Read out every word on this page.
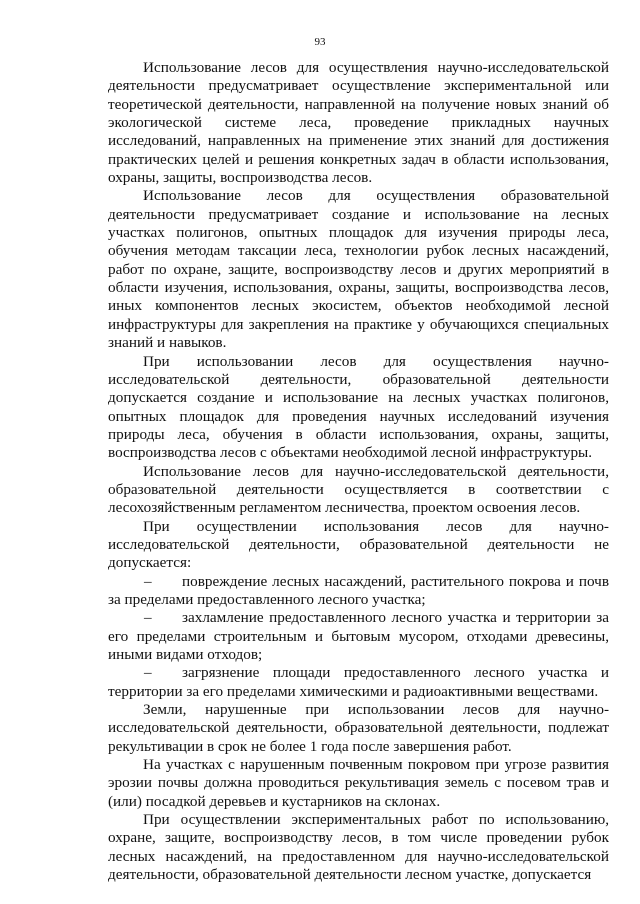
93

Использование лесов для осуществления научно-исследовательской деятельности предусматривает осуществление экспериментальной или теоретической деятельности, направленной на получение новых знаний об экологической системе леса, проведение прикладных научных исследований, направленных на применение этих знаний для достижения практических целей и решения конкретных задач в области использования, охраны, защиты, воспроизводства лесов.

Использование лесов для осуществления образовательной деятельности предусматривает создание и использование на лесных участках полигонов, опытных площадок для изучения природы леса, обучения методам таксации леса, технологии рубок лесных насаждений, работ по охране, защите, воспроизводству лесов и других мероприятий в области изучения, использования, охраны, защиты, воспроизводства лесов, иных компонентов лесных экосистем, объектов необходимой лесной инфраструктуры для закрепления на практике у обучающихся специальных знаний и навыков.

При использовании лесов для осуществления научно-исследовательской деятельности, образовательной деятельности допускается создание и использование на лесных участках полигонов, опытных площадок для проведения научных исследований изучения природы леса, обучения в области использования, охраны, защиты, воспроизводства лесов с объектами необходимой лесной инфраструктуры.

Использование лесов для научно-исследовательской деятельности, образовательной деятельности осуществляется в соответствии с лесохозяйственным регламентом лесничества, проектом освоения лесов.

При осуществлении использования лесов для научно-исследовательской деятельности, образовательной деятельности не допускается:

– повреждение лесных насаждений, растительного покрова и почв за пределами предоставленного лесного участка;

– захламление предоставленного лесного участка и территории за его пределами строительным и бытовым мусором, отходами древесины, иными видами отходов;

– загрязнение площади предоставленного лесного участка и территории за его пределами химическими и радиоактивными веществами.

Земли, нарушенные при использовании лесов для научно-исследовательской деятельности, образовательной деятельности, подлежат рекультивации в срок не более 1 года после завершения работ.

На участках с нарушенным почвенным покровом при угрозе развития эрозии почвы должна проводиться рекультивация земель с посевом трав и (или) посадкой деревьев и кустарников на склонах.

При осуществлении экспериментальных работ по использованию, охране, защите, воспроизводству лесов, в том числе проведении рубок лесных насаждений, на предоставленном для научно-исследовательской деятельности, образовательной деятельности лесном участке, допускается
